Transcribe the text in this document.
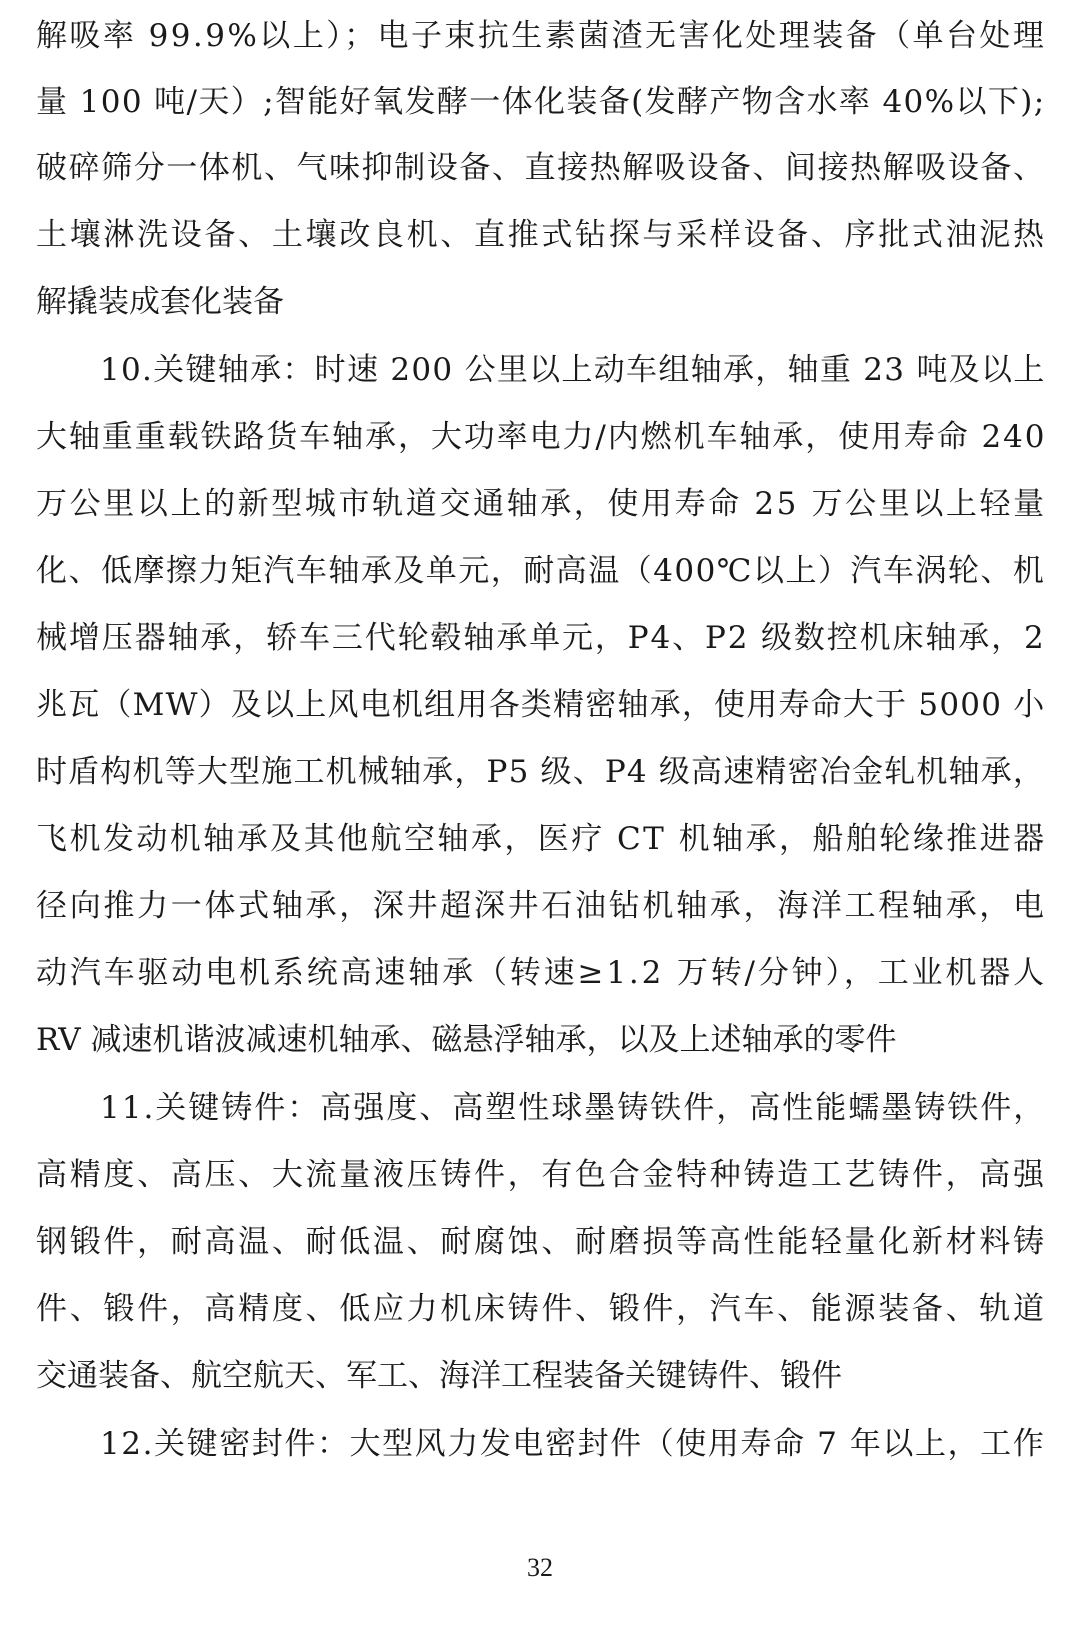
解吸率 99.9%以上）；电子束抗生素菌渣无害化处理装备（单台处理
量 100 吨/天）;智能好氧发酵一体化装备(发酵产物含水率 40%以下);
破碎筛分一体机、气味抑制设备、直接热解吸设备、间接热解吸设备、
土壤淋洗设备、土壤改良机、直推式钻探与采样设备、序批式油泥热
解撬装成套化装备
10.关键轴承：时速 200 公里以上动车组轴承，轴重 23 吨及以上
大轴重重载铁路货车轴承，大功率电力/内燃机车轴承，使用寿命 240
万公里以上的新型城市轨道交通轴承，使用寿命 25 万公里以上轻量
化、低摩擦力矩汽车轴承及单元，耐高温（400℃以上）汽车涡轮、机
械增压器轴承，轿车三代轮毂轴承单元，P4、P2 级数控机床轴承，2
兆瓦（MW）及以上风电机组用各类精密轴承，使用寿命大于 5000 小
时盾构机等大型施工机械轴承，P5 级、P4 级高速精密冶金轧机轴承，
飞机发动机轴承及其他航空轴承，医疗 CT 机轴承，船舶轮缘推进器
径向推力一体式轴承，深井超深井石油钻机轴承，海洋工程轴承，电
动汽车驱动电机系统高速轴承（转速≥1.2 万转/分钟），工业机器人
RV 减速机谐波减速机轴承、磁悬浮轴承，以及上述轴承的零件
11.关键铸件：高强度、高塑性球墨铸铁件，高性能蠕墨铸铁件，
高精度、高压、大流量液压铸件，有色合金特种铸造工艺铸件，高强
钢锻件，耐高温、耐低温、耐腐蚀、耐磨损等高性能轻量化新材料铸
件、锻件，高精度、低应力机床铸件、锻件，汽车、能源装备、轨道
交通装备、航空航天、军工、海洋工程装备关键铸件、锻件
12.关键密封件：大型风力发电密封件（使用寿命 7 年以上，工作
32
